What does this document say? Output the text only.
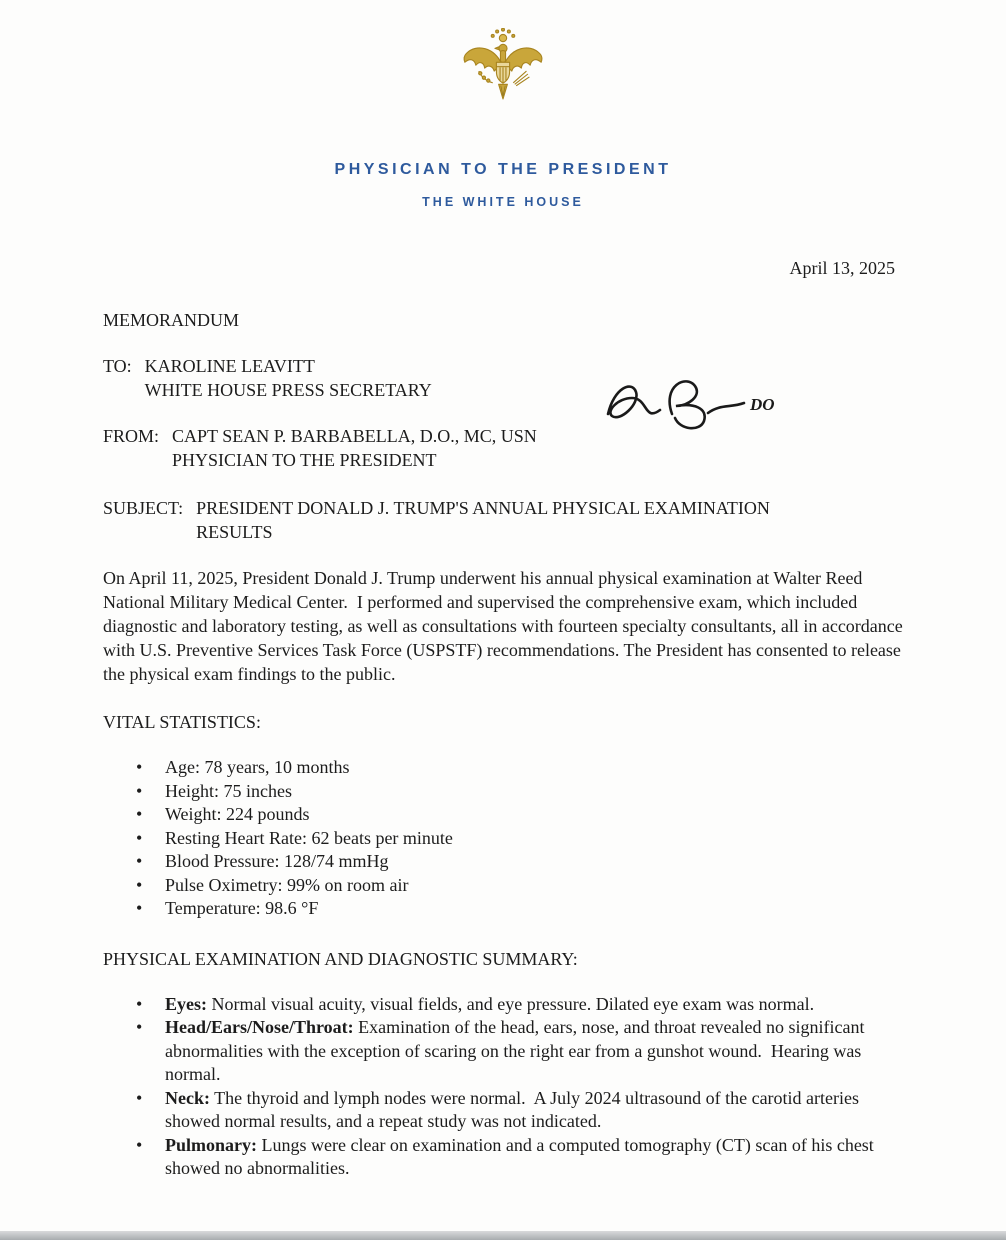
PHYSICIAN TO THE PRESIDENT
THE WHITE HOUSE
April 13, 2025
MEMORANDUM
TO: KAROLINE LEAVITT
WHITE HOUSE PRESS SECRETARY
FROM: CAPT SEAN P. BARBABELLA, D.O., MC, USN
PHYSICIAN TO THE PRESIDENT
SUBJECT: PRESIDENT DONALD J. TRUMP'S ANNUAL PHYSICAL EXAMINATION
RESULTS

On April 11, 2025, President Donald J. Trump underwent his annual physical examination at Walter Reed National Military Medical Center.  I performed and supervised the comprehensive exam, which included diagnostic and laboratory testing, as well as consultations with fourteen specialty consultants, all in accordance with U.S. Preventive Services Task Force (USPSTF) recommendations. The President has consented to release the physical exam findings to the public.

VITAL STATISTICS:
• Age: 78 years, 10 months
• Height: 75 inches
• Weight: 224 pounds
• Resting Heart Rate: 62 beats per minute
• Blood Pressure: 128/74 mmHg
• Pulse Oximetry: 99% on room air
• Temperature: 98.6 °F
PHYSICAL EXAMINATION AND DIAGNOSTIC SUMMARY:
• Eyes: Normal visual acuity, visual fields, and eye pressure. Dilated eye exam was normal.
• Head/Ears/Nose/Throat: Examination of the head, ears, nose, and throat revealed no significant abnormalities with the exception of scaring on the right ear from a gunshot wound.  Hearing was normal.
• Neck: The thyroid and lymph nodes were normal.  A July 2024 ultrasound of the carotid arteries showed normal results, and a repeat study was not indicated.
• Pulmonary: Lungs were clear on examination and a computed tomography (CT) scan of his chest showed no abnormalities.
DO
